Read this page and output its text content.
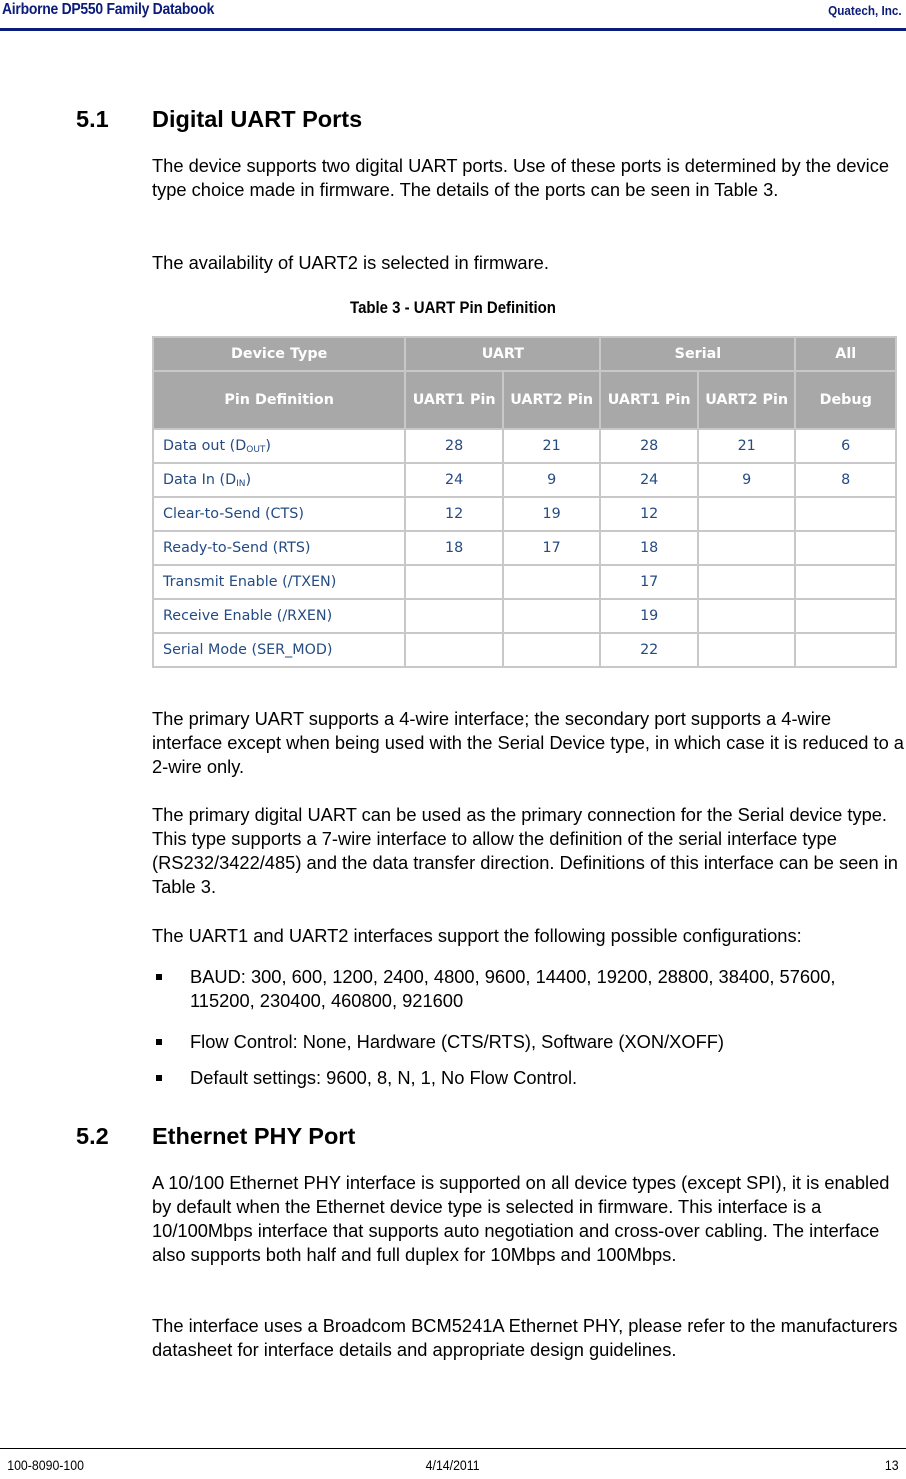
Airborne DP550 Family Databook	Quatech, Inc.
5.1 Digital UART Ports
The device supports two digital UART ports. Use of these ports is determined by the device type choice made in firmware. The details of the ports can be seen in Table 3.
The availability of UART2 is selected in firmware.
Table 3 - UART Pin Definition
Device Type	UART		Serial		All
Pin Definition	UART1 Pin	UART2 Pin	UART1 Pin	UART2 Pin	Debug
Data out $(D_{OUT})$	28	21	28	21	6
Data In $(D_{IN})$	24	9	24	9	8
Clear-to-Send (CTS)	12	19	12		
Ready-to-Send (RTS)	18	17	18		
Transmit Enable (/TXEN)			17		
Receive Enable (/RXEN)			19		
Serial Mode (SER_MOD)			22		
The primary UART supports a 4-wire interface; the secondary port supports a 4-wire interface except when being used with the Serial Device type, in which case it is reduced to a 2-wire only.
The primary digital UART can be used as the primary connection for the Serial device type. This type supports a 7-wire interface to allow the definition of the serial interface type (RS232/3422/485) and the data transfer direction. Definitions of this interface can be seen in Table 3.
The UART1 and UART2 interfaces support the following possible configurations:
BAUD: 300, 600, 1200, 2400, 4800, 9600, 14400, 19200, 28800, 38400, 57600, 115200, 230400, 460800, 921600
Flow Control: None, Hardware (CTS/RTS), Software (XON/XOFF)
Default settings: 9600, 8, N, 1, No Flow Control.
5.2 Ethernet PHY Port
A 10/100 Ethernet PHY interface is supported on all device types (except SPI), it is enabled by default when the Ethernet device type is selected in firmware. This interface is a 10/100Mbps interface that supports auto negotiation and cross-over cabling. The interface also supports both half and full duplex for 10Mbps and 100Mbps.
The interface uses a Broadcom BCM5241A Ethernet PHY, please refer to the manufacturers datasheet for interface details and appropriate design guidelines.
100-8090-100	4/14/2011	13
